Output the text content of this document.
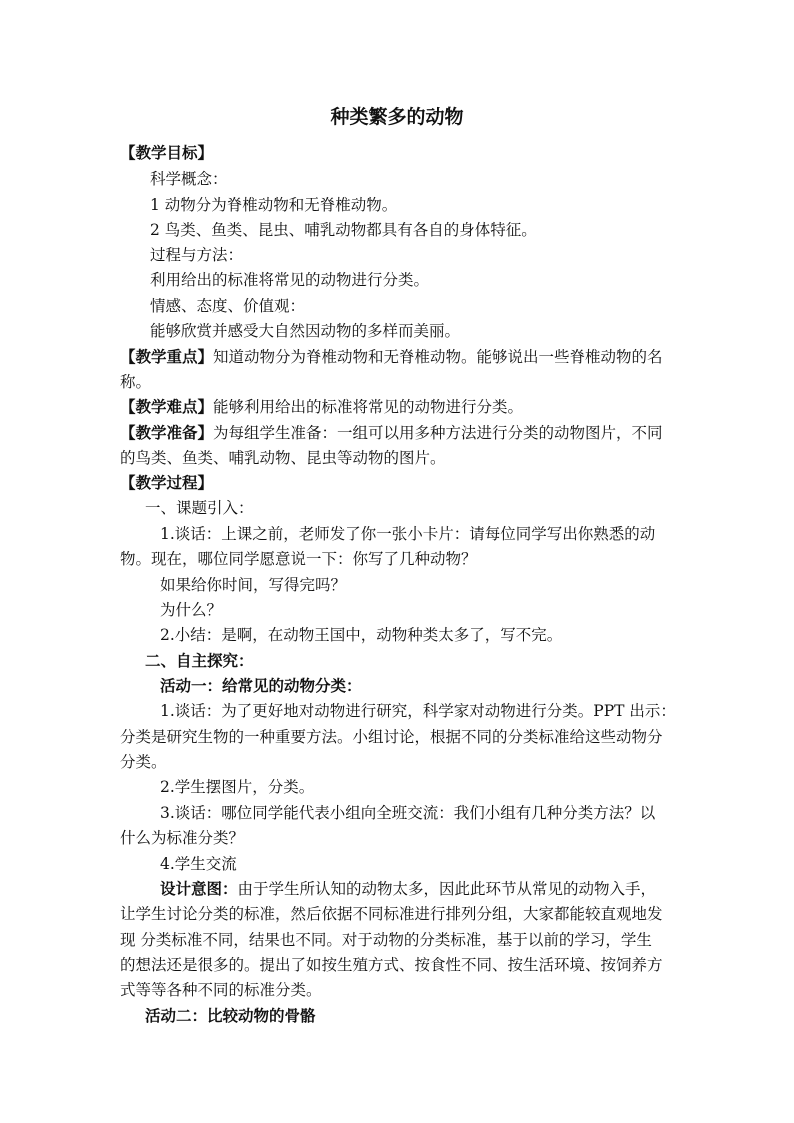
种类繁多的动物
【教学目标】
科学概念：
1 动物分为脊椎动物和无脊椎动物。
2 鸟类、鱼类、昆虫、哺乳动物都具有各自的身体特征。
过程与方法：
利用给出的标准将常见的动物进行分类。
情感、态度、价值观：
能够欣赏并感受大自然因动物的多样而美丽。
【教学重点】知道动物分为脊椎动物和无脊椎动物。能够说出一些脊椎动物的名
称。
【教学难点】能够利用给出的标准将常见的动物进行分类。
【教学准备】为每组学生准备：一组可以用多种方法进行分类的动物图片，不同
的鸟类、鱼类、哺乳动物、昆虫等动物的图片。
【教学过程】
一、课题引入：
1.谈话：上课之前，老师发了你一张小卡片：请每位同学写出你熟悉的动
物。现在，哪位同学愿意说一下：你写了几种动物？
如果给你时间，写得完吗？
为什么？
2.小结：是啊，在动物王国中，动物种类太多了，写不完。
二、自主探究：
活动一：给常见的动物分类：
1.谈话：为了更好地对动物进行研究，科学家对动物进行分类。PPT 出示：
分类是研究生物的一种重要方法。小组讨论，根据不同的分类标准给这些动物分
分类。
2.学生摆图片，分类。
3.谈话：哪位同学能代表小组向全班交流：我们小组有几种分类方法？以
什么为标准分类？
4.学生交流
设计意图：由于学生所认知的动物太多，因此此环节从常见的动物入手，
让学生讨论分类的标准，然后依据不同标准进行排列分组，大家都能较直观地发
现 分类标准不同，结果也不同。对于动物的分类标准，基于以前的学习，学生
的想法还是很多的。提出了如按生殖方式、按食性不同、按生活环境、按饲养方
式等等各种不同的标准分类。
活动二：比较动物的骨骼
